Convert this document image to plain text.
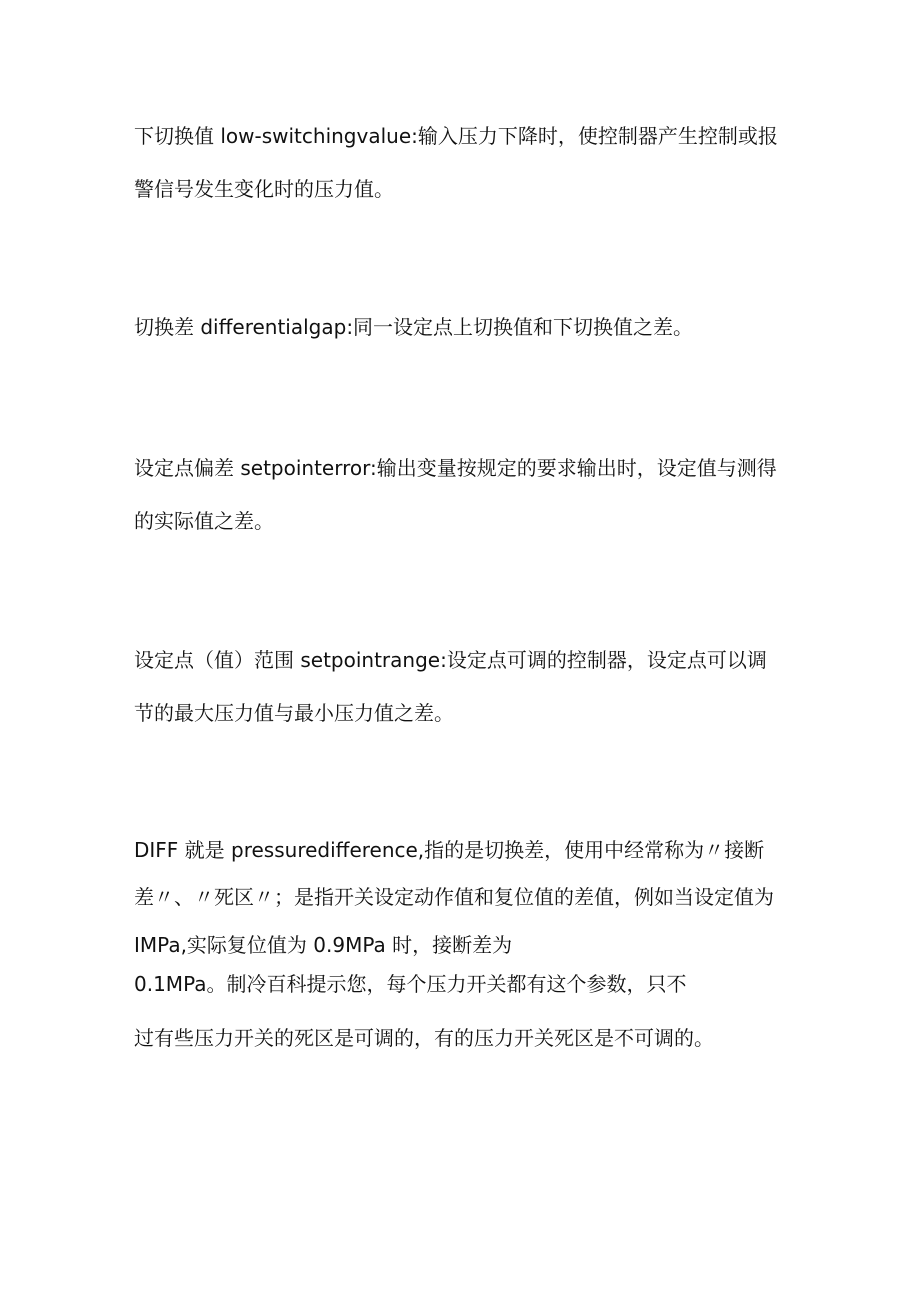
下切换值 low-switchingvalue:输入压力下降时，使控制器产生控制或报
警信号发生变化时的压力值。
切换差 differentialgap:同一设定点上切换值和下切换值之差。
设定点偏差 setpointerror:输出变量按规定的要求输出时，设定值与测得
的实际值之差。
设定点（值）范围 setpointrange:设定点可调的控制器，设定点可以调
节的最大压力值与最小压力值之差。
DIFF 就是 pressuredifference,指的是切换差，使用中经常称为〃接断
差〃、〃死区〃；是指开关设定动作值和复位值的差值，例如当设定值为
IMPa,实际复位值为 0.9MPa 时，接断差为
0.1MPa。制冷百科提示您，每个压力开关都有这个参数，只不
过有些压力开关的死区是可调的，有的压力开关死区是不可调的。
